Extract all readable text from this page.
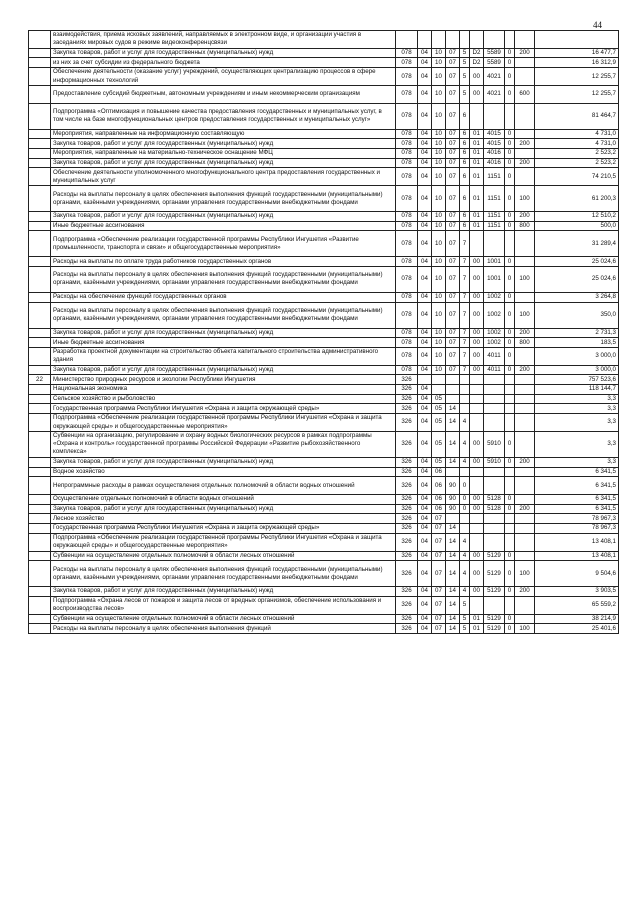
44
	взаимодействия, приема исковых заявлений, направляемых в электронном виде, и организации участия в заседаниях мировых судов в режиме видеоконференцсвязи										
	Закупка товаров, работ и услуг для государственных (муниципальных) нужд	078	04	10	07	5	D2	5589	0	200	16 477,7
	из них за счет субсидии из федерального бюджета	078	04	10	07	5	D2	5589	0		16 312,9
	Обеспечение деятельности (оказание услуг) учреждений, осуществляющих централизацию процессов в сфере информационных технологий	078	04	10	07	5	00	4021	0		12 255,7
	Предоставление субсидий бюджетным, автономным учреждениям и иным некоммерческим организациям	078	04	10	07	5	00	4021	0	600	12 255,7
	Подпрограмма «Оптимизация и повышение качества предоставления государственных и муниципальных услуг, в том числе на базе многофункциональных центров предоставления государственных и муниципальных услуг»	078	04	10	07	6					81 464,7
	Мероприятия, направленные на информационную составляющую	078	04	10	07	6	01	4015	0		4 731,0
	Закупка товаров, работ и услуг для государственных (муниципальных) нужд	078	04	10	07	6	01	4015	0	200	4 731,0
	Мероприятия, направленные на материально-техническое оснащение МФЦ	078	04	10	07	6	01	4016	0		2 523,2
	Закупка товаров, работ и услуг для государственных (муниципальных) нужд	078	04	10	07	6	01	4016	0	200	2 523,2
	Обеспечение деятельности уполномоченного многофункционального центра предоставления государственных и муниципальных услуг	078	04	10	07	6	01	1151	0		74 210,5
	Расходы на выплаты персоналу в целях обеспечения выполнения функций государственными (муниципальными) органами, казёнными учреждениями, органами управления государственными внебюджетными фондами	078	04	10	07	6	01	1151	0	100	61 200,3
	Закупка товаров, работ и услуг для государственных (муниципальных) нужд	078	04	10	07	6	01	1151	0	200	12 510,2
	Иные бюджетные ассигнования	078	04	10	07	6	01	1151	0	800	500,0
	Подпрограмма «Обеспечение реализации государственной программы Республики Ингушетия «Развитие промышленности, транспорта и связи» и общегосударственные мероприятия»	078	04	10	07	7					31 289,4
	Расходы на выплаты по оплате труда работников государственных органов	078	04	10	07	7	00	1001	0		25 024,6
	Расходы на выплаты персоналу в целях обеспечения выполнения функций государственными (муниципальными) органами, казёнными учреждениями, органами управления государственными внебюджетными фондами	078	04	10	07	7	00	1001	0	100	25 024,6
	Расходы на обеспечение функций государственных органов	078	04	10	07	7	00	1002	0		3 264,8
	Расходы на выплаты персоналу в целях обеспечения выполнения функций государственными (муниципальными) органами, казёнными учреждениями, органами управления государственными внебюджетными фондами	078	04	10	07	7	00	1002	0	100	350,0
	Закупка товаров, работ и услуг для государственных (муниципальных) нужд	078	04	10	07	7	00	1002	0	200	2 731,3
	Иные бюджетные ассигнования	078	04	10	07	7	00	1002	0	800	183,5
	Разработка проектной документации на строительство объекта капитального строительства административного здания	078	04	10	07	7	00	4011	0		3 000,0
	Закупка товаров, работ и услуг для государственных (муниципальных) нужд	078	04	10	07	7	00	4011	0	200	3 000,0
22	Министерство природных ресурсов и экологии Республики Ингушетия	326									757 523,6
	Национальная экономика	326	04								118 144,7
	Сельское хозяйство и рыболовство	326	04	05							3,3
	Государственная программа Республики Ингушетия «Охрана и защита окружающей среды»	326	04	05	14						3,3
	Подпрограмма «Обеспечение реализации государственной программы Республики Ингушетия «Охрана и защита окружающей среды» и общегосударственные мероприятия»	326	04	05	14	4					3,3
	Субвенции на организацию, регулирование и охрану водных биологических ресурсов в рамках подпрограммы «Охрана и контроль» государственной программы Российской Федерации «Развитие рыбохозяйственного комплекса»	326	04	05	14	4	00	5910	0		3,3
	Закупка товаров, работ и услуг для государственных (муниципальных) нужд	326	04	05	14	4	00	5910	0	200	3,3
	Водное хозяйство	326	04	06							6 341,5
	Непрограммные расходы в рамках осуществления отдельных полномочий в области водных отношений	326	04	06	90	0					6 341,5
	Осуществление отдельных полномочий в области водных отношений	326	04	06	90	0	00	5128	0		6 341,5
	Закупка товаров, работ и услуг для государственных (муниципальных) нужд	326	04	06	90	0	00	5128	0	200	6 341,5
	Лесное хозяйство	326	04	07							78 967,3
	Государственная программа Республики Ингушетия «Охрана и защита окружающей среды»	326	04	07	14						78 967,3
	Подпрограмма «Обеспечение реализации государственной программы Республики Ингушетия «Охрана и защита окружающей среды» и общегосударственные мероприятия»	326	04	07	14	4					13 408,1
	Субвенции на осуществление отдельных полномочий в области лесных отношений	326	04	07	14	4	00	5129	0		13 408,1
	Расходы на выплаты персоналу в целях обеспечения выполнения функций государственными (муниципальными) органами, казёнными учреждениями, органами управления государственными внебюджетными фондами	326	04	07	14	4	00	5129	0	100	9 504,6
	Закупка товаров, работ и услуг для государственных (муниципальных) нужд	326	04	07	14	4	00	5129	0	200	3 903,5
	Подпрограмма «Охрана лесов от пожаров и защита лесов от вредных организмов, обеспечение использования и воспроизводства лесов»	326	04	07	14	5					65 559,2
	Субвенции на осуществление отдельных полномочий в области лесных отношений	326	04	07	14	5	01	5129	0		38 214,9
	Расходы на выплаты персоналу в целях обеспечения выполнения функций	326	04	07	14	5	01	5129	0	100	25 401,6
